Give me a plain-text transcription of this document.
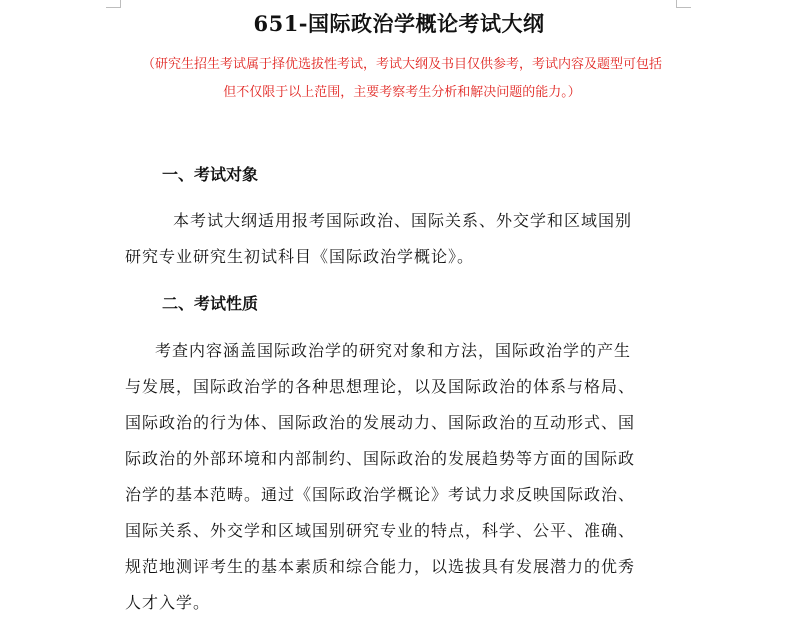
651-国际政治学概论考试大纲
（研究生招生考试属于择优选拔性考试，考试大纲及书目仅供参考，考试内容及题型可包括
但不仅限于以上范围，主要考察考生分析和解决问题的能力。）
一、考试对象
本考试大纲适用报考国际政治、国际关系、外交学和区域国别
研究专业研究生初试科目《国际政治学概论》。
二、考试性质
考查内容涵盖国际政治学的研究对象和方法，国际政治学的产生
与发展，国际政治学的各种思想理论，以及国际政治的体系与格局、
国际政治的行为体、国际政治的发展动力、国际政治的互动形式、国
际政治的外部环境和内部制约、国际政治的发展趋势等方面的国际政
治学的基本范畴。通过《国际政治学概论》考试力求反映国际政治、
国际关系、外交学和区域国别研究专业的特点，科学、公平、准确、
规范地测评考生的基本素质和综合能力，以选拔具有发展潜力的优秀
人才入学。
